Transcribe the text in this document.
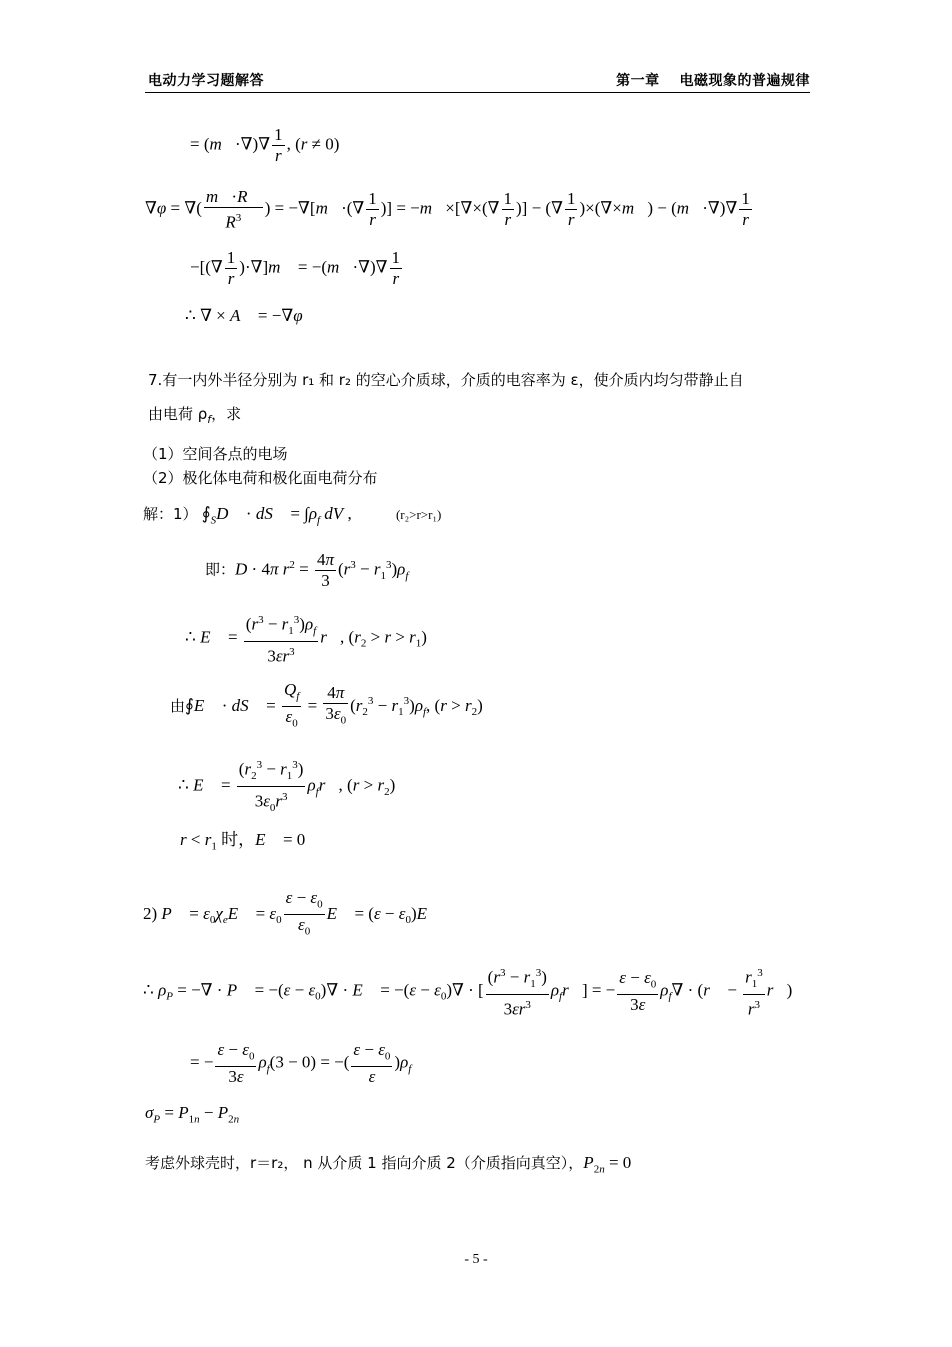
电动力学习题解答	第一章　 电磁现象的普遍规律
= (m⃗·∇)∇ $\frac{1}{r}$ , (r ≠ 0)
∇φ = ∇( $\frac{m⃗\cdot R⃗}{R^3}$ ) = −∇[m⃗·(∇ $\frac{1}{r}$ )] = −m⃗×[∇×(∇ $\frac{1}{r}$ )] − (∇ $\frac{1}{r}$ )×(∇×m⃗) − (m⃗·∇)∇ $\frac{1}{r}$
−[(∇ $\frac{1}{r}$ )·∇]m⃗ = −(m⃗·∇)∇ $\frac{1}{r}$
∴ ∇ × A⃗ = −∇φ
7.有一内外半径分别为 r₁ 和 r₂ 的空心介质球，介质的电容率为 ε，使介质内均匀带静止自
由电荷 $\rho_f$，求
（1）空间各点的电场
（2）极化体电荷和极化面电荷分布
解：1） $∮_SD⃗$ · dS⃗ = $\int\rho_f$ dV ,	(r₂>r>r₁)
即：D · 4π $r^2 = \frac{4\pi}{3} (r^3 - r_1^3)\rho_f$
∴ E⃗ = $\frac{(r^3 - r_1^3)\rho_f}{3\varepsilon r^3}$ r⃗, $(r_2 > r > r_1)$
由∮E⃗ · dS⃗ = $\frac{Q_f}{\varepsilon_0} = \frac{4\pi}{3\varepsilon_0} (r_2^3 - r_1^3)\rho_f$, $(r > r_2)$
∴ E⃗ = $\frac{(r_2^3 - r_1^3)}{3\varepsilon_0r^3}$ $\rho_fr⃗$, $(r > r_2)$
$r < r_1$ 时，E⃗ = 0
2) P⃗ = $\varepsilon_0\chi_eE⃗ = \varepsilon_0 \frac{\varepsilon - \varepsilon_0}{\varepsilon_0}$ E⃗ = $(\varepsilon - \varepsilon_0)E⃗$
∴ $\rho_P$ = −∇ · P⃗ = $-(\varepsilon - \varepsilon_0)\nabla$ · E⃗ = $-(\varepsilon - \varepsilon_0)\nabla$ · [ $\frac{(r^3 - r_1^3)}{3\varepsilon r^3}$ $\rho_fr⃗$] = − $\frac{\varepsilon - \varepsilon_0}{3\varepsilon} \rho_f\nabla$ · (r⃗ − $\frac{r_1^3}{r^3}$ r⃗)
= − $\frac{\varepsilon - \varepsilon_0}{3\varepsilon} \rho_f(3 - 0)$ = −( $\frac{\varepsilon - \varepsilon_0}{\varepsilon} )\rho_f$
$\sigma_P = P_{1n} - P_{2n}$
考虑外球壳时，r＝r₂， n 从介质 1 指向介质 2（介质指向真空），$P_{2n} = 0$
- 5 -
